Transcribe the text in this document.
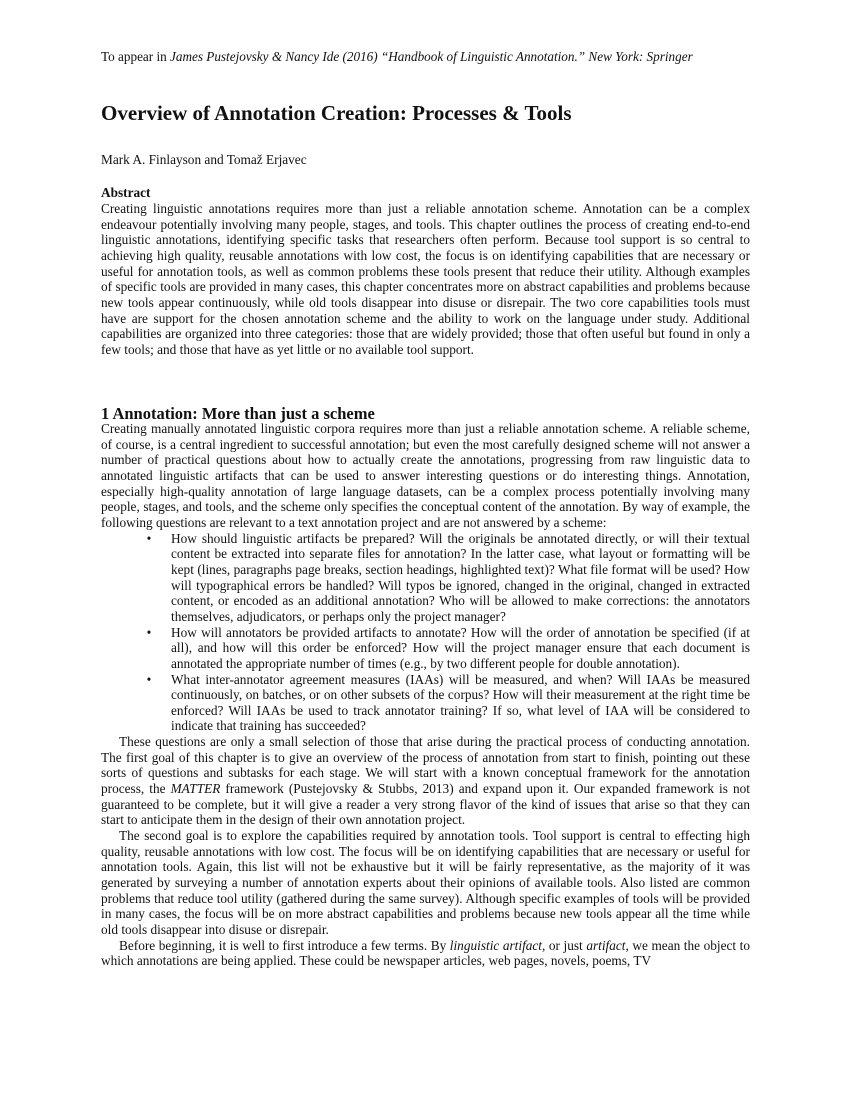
To appear in James Pustejovsky & Nancy Ide (2016) “Handbook of Linguistic Annotation.” New York: Springer
Overview of Annotation Creation: Processes & Tools
Mark A. Finlayson and Tomaž Erjavec
Abstract
Creating linguistic annotations requires more than just a reliable annotation scheme. Annotation can be a complex endeavour potentially involving many people, stages, and tools. This chapter outlines the process of creating end-to-end linguistic annotations, identifying specific tasks that researchers often perform. Because tool support is so central to achieving high quality, reusable annotations with low cost, the focus is on identifying capabilities that are necessary or useful for annotation tools, as well as common problems these tools present that reduce their utility. Although examples of specific tools are provided in many cases, this chapter concentrates more on abstract capabilities and problems because new tools appear continuously, while old tools disappear into disuse or disrepair. The two core capabilities tools must have are support for the chosen annotation scheme and the ability to work on the language under study. Additional capabilities are organized into three categories: those that are widely provided; those that often useful but found in only a few tools; and those that have as yet little or no available tool support.
1 Annotation: More than just a scheme

Creating manually annotated linguistic corpora requires more than just a reliable annotation scheme. A reliable scheme, of course, is a central ingredient to successful annotation; but even the most carefully designed scheme will not answer a number of practical questions about how to actually create the annotations, progressing from raw linguistic data to annotated linguistic artifacts that can be used to answer interesting questions or do interesting things. Annotation, especially high-quality annotation of large language datasets, can be a complex process potentially involving many people, stages, and tools, and the scheme only specifies the conceptual content of the annotation. By way of example, the following questions are relevant to a text annotation project and are not answered by a scheme:

• How should linguistic artifacts be prepared? Will the originals be annotated directly, or will their textual content be extracted into separate files for annotation? In the latter case, what layout or formatting will be kept (lines, paragraphs page breaks, section headings, highlighted text)? What file format will be used? How will typographical errors be handled? Will typos be ignored, changed in the original, changed in extracted content, or encoded as an additional annotation? Who will be allowed to make corrections: the annotators themselves, adjudicators, or perhaps only the project manager?
• How will annotators be provided artifacts to annotate? How will the order of annotation be specified (if at all), and how will this order be enforced? How will the project manager ensure that each document is annotated the appropriate number of times (e.g., by two different people for double annotation).
• What inter-annotator agreement measures (IAAs) will be measured, and when? Will IAAs be measured continuously, on batches, or on other subsets of the corpus? How will their measurement at the right time be enforced? Will IAAs be used to track annotator training? If so, what level of IAA will be considered to indicate that training has succeeded?

These questions are only a small selection of those that arise during the practical process of conducting annotation. The first goal of this chapter is to give an overview of the process of annotation from start to finish, pointing out these sorts of questions and subtasks for each stage. We will start with a known conceptual framework for the annotation process, the MATTER framework (Pustejovsky & Stubbs, 2013) and expand upon it. Our expanded framework is not guaranteed to be complete, but it will give a reader a very strong flavor of the kind of issues that arise so that they can start to anticipate them in the design of their own annotation project.

The second goal is to explore the capabilities required by annotation tools. Tool support is central to effecting high quality, reusable annotations with low cost. The focus will be on identifying capabilities that are necessary or useful for annotation tools. Again, this list will not be exhaustive but it will be fairly representative, as the majority of it was generated by surveying a number of annotation experts about their opinions of available tools. Also listed are common problems that reduce tool utility (gathered during the same survey). Although specific examples of tools will be provided in many cases, the focus will be on more abstract capabilities and problems because new tools appear all the time while old tools disappear into disuse or disrepair.

Before beginning, it is well to first introduce a few terms. By linguistic artifact, or just artifact, we mean the object to which annotations are being applied. These could be newspaper articles, web pages, novels, poems, TV
